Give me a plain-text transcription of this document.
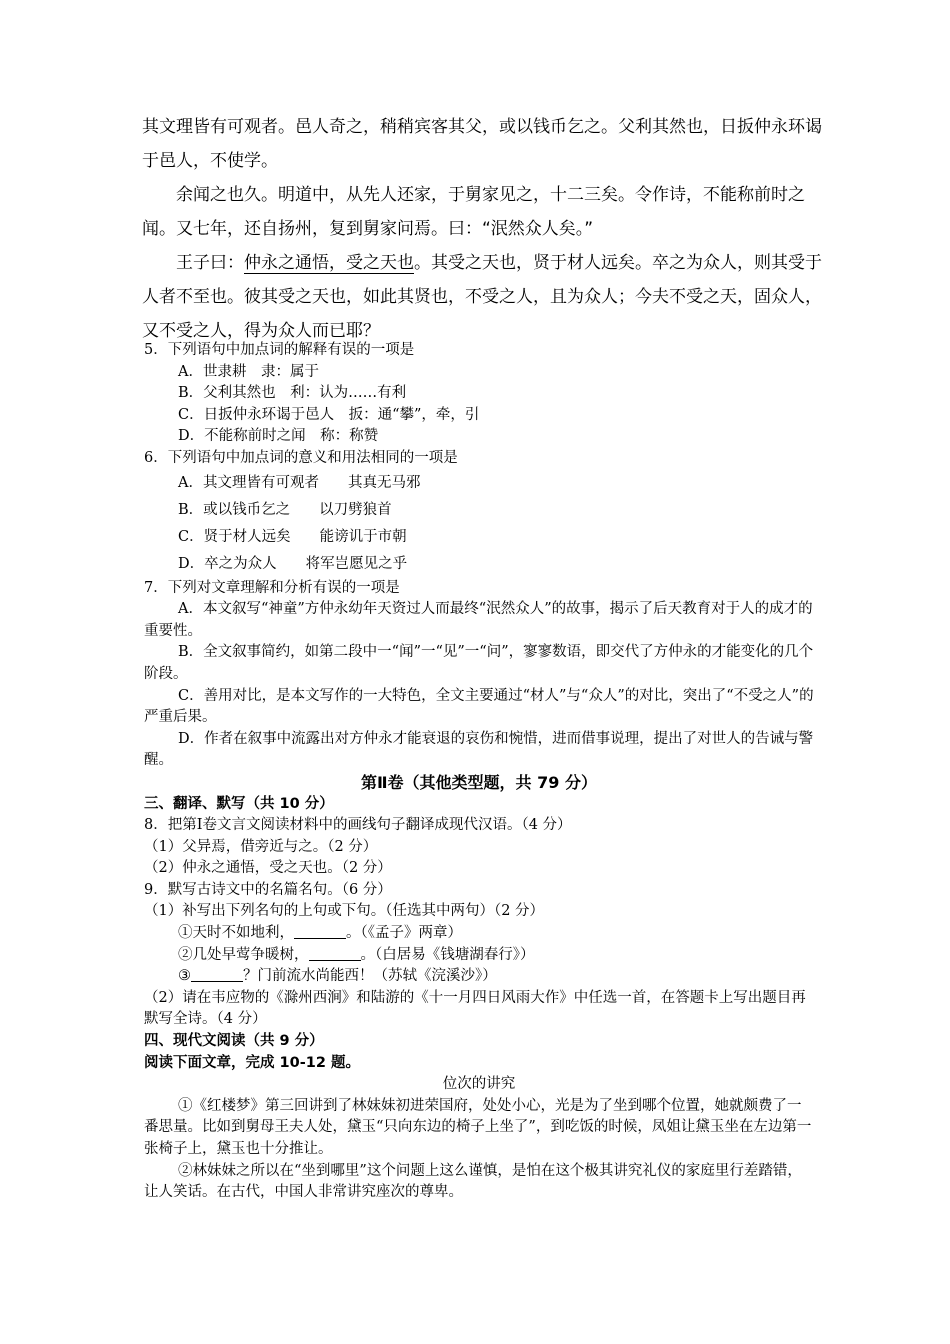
其文理皆有可观者。邑人奇之，稍稍宾客其父，或以钱币乞之。父利其然也，日扳仲永环谒

于邑人，不使学。

余闻之也久。明道中，从先人还家，于舅家见之，十二三矣。令作诗，不能称前时之闻。又七年，还自扬州，复到舅家问焉。曰：“泯然众人矣。”

王子曰：仲永之通悟，受之天也。其受之天也，贤于材人远矣。卒之为众人，则其受于人者不至也。彼其受之天也，如此其贤也，不受之人，且为众人；今夫不受之天，固众人，又不受之人，得为众人而已耶？

5．下列语句中加点词的解释有误的一项是

A．世隶耕　隶：属于

B．父利其然也　利：认为……有利

C．日扳仲永环谒于邑人　扳：通“攀”，牵，引

D．不能称前时之闻　称：称赞

6．下列语句中加点词的意义和用法相同的一项是

A．其文理皆有可观者　　其真无马邪

B．或以钱币乞之　　以刀劈狼首

C．贤于材人远矣　　能谤讥于市朝

D．卒之为众人　　将军岂愿见之乎

7．下列对文章理解和分析有误的一项是

A．本文叙写“神童”方仲永幼年天资过人而最终“泯然众人”的故事，揭示了后天教育对于人的成才的重要性。

B．全文叙事简约，如第二段中一“闻”一“见”一“问”，寥寥数语，即交代了方仲永的才能变化的几个阶段。

C．善用对比，是本文写作的一大特色，全文主要通过“材人”与“众人”的对比，突出了“不受之人”的严重后果。

D．作者在叙事中流露出对方仲永才能衰退的哀伤和惋惜，进而借事说理，提出了对世人的告诫与警醒。

第Ⅱ卷（其他类型题，共 79 分）

三、翻译、默写（共 10 分）

8．把第Ⅰ卷文言文阅读材料中的画线句子翻译成现代汉语。（4 分）

（1）父异焉，借旁近与之。（2 分）

（2）仲永之通悟，受之天也。（2 分）

9．默写古诗文中的名篇名句。（6 分）

（1）补写出下列名句的上句或下句。（任选其中两句）（2 分）

①天时不如地利，	。（《孟子》两章）

②几处早莺争暖树，	。（白居易《钱塘湖春行》）

③	？门前流水尚能西！（苏轼《浣溪沙》）

（2）请在韦应物的《滁州西涧》和陆游的《十一月四日风雨大作》中任选一首，在答题卡上写出题目再默写全诗。（4 分）

四、现代文阅读（共 9 分）

阅读下面文章，完成 10-12 题。

位次的讲究

①《红楼梦》第三回讲到了林妹妹初进荣国府，处处小心，光是为了坐到哪个位置，她就颇费了一番思量。比如到舅母王夫人处，黛玉“只向东边的椅子上坐了”，到吃饭的时候，凤姐让黛玉坐在左边第一张椅子上，黛玉也十分推让。

②林妹妹之所以在“坐到哪里”这个问题上这么谨慎，是怕在这个极其讲究礼仪的家庭里行差踏错，让人笑话。在古代，中国人非常讲究座次的尊卑。
